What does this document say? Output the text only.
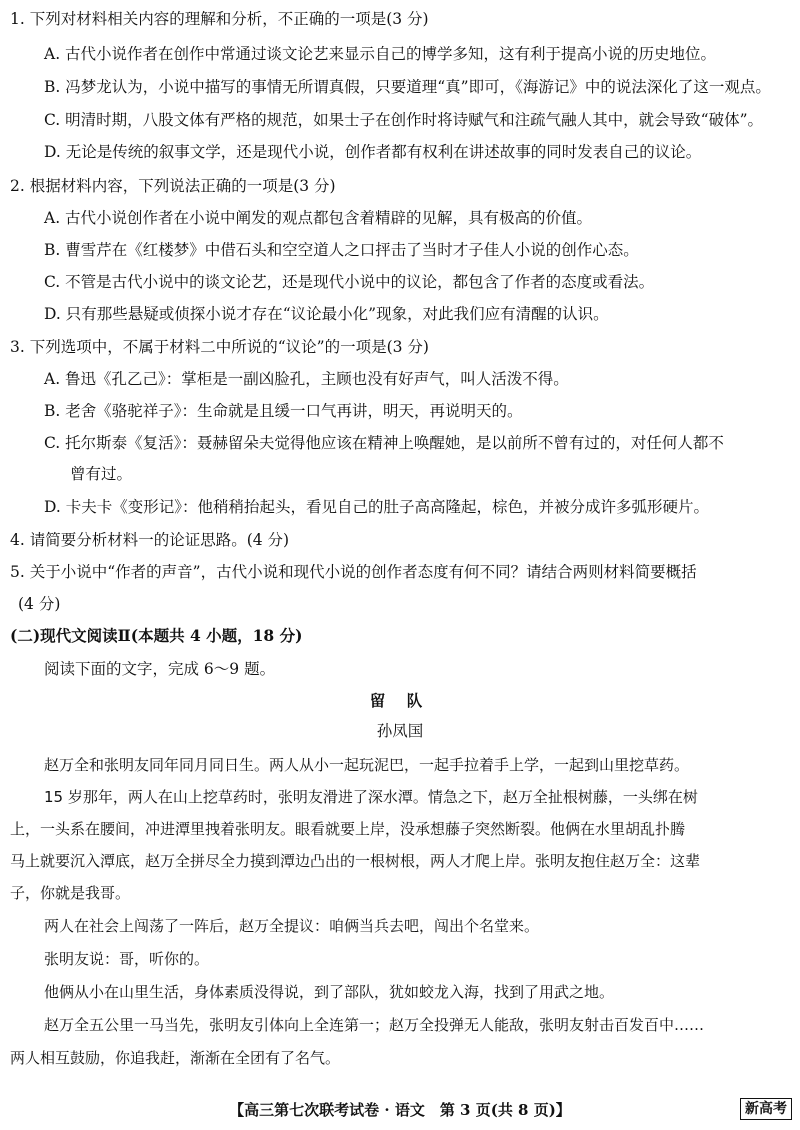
1. 下列对材料相关内容的理解和分析，不正确的一项是(3 分)
A. 古代小说作者在创作中常通过谈文论艺来显示自己的博学多知，这有利于提高小说的历史地位。
B. 冯梦龙认为，小说中描写的事情无所谓真假，只要道理“真”即可，《海游记》中的说法深化了这一观点。
C. 明清时期，八股文体有严格的规范，如果士子在创作时将诗赋气和注疏气融人其中，就会导致“破体”。
D. 无论是传统的叙事文学，还是现代小说，创作者都有权利在讲述故事的同时发表自己的议论。
2. 根据材料内容，下列说法正确的一项是(3 分)
A. 古代小说创作者在小说中阐发的观点都包含着精辟的见解，具有极高的价值。
B. 曹雪芹在《红楼梦》中借石头和空空道人之口抨击了当时才子佳人小说的创作心态。
C. 不管是古代小说中的谈文论艺，还是现代小说中的议论，都包含了作者的态度或看法。
D. 只有那些悬疑或侦探小说才存在“议论最小化”现象，对此我们应有清醒的认识。
3. 下列选项中，不属于材料二中所说的“议论”的一项是(3 分)
A. 鲁迅《孔乙己》：掌柜是一副凶脸孔，主顾也没有好声气，叫人活泼不得。
B. 老舍《骆驼祥子》：生命就是且缓一口气再讲，明天，再说明天的。
C. 托尔斯泰《复活》：聂赫留朵夫觉得他应该在精神上唤醒她，是以前所不曾有过的，对任何人都不
曾有过。
D. 卡夫卡《变形记》：他稍稍抬起头，看见自己的肚子高高隆起，棕色，并被分成许多弧形硬片。
4. 请简要分析材料一的论证思路。(4 分)
5. 关于小说中“作者的声音”，古代小说和现代小说的创作者态度有何不同？请结合两则材料简要概括
(4 分)
(二)现代文阅读Ⅱ(本题共 4 小题，18 分)
阅读下面的文字，完成 6～9 题。
留 队
孙凤国
赵万全和张明友同年同月同日生。两人从小一起玩泥巴，一起手拉着手上学，一起到山里挖草药。
15 岁那年，两人在山上挖草药时，张明友滑进了深水潭。情急之下，赵万全扯根树藤，一头绑在树
上，一头系在腰间，冲进潭里拽着张明友。眼看就要上岸，没承想藤子突然断裂。他俩在水里胡乱扑腾
马上就要沉入潭底，赵万全拼尽全力摸到潭边凸出的一根树根，两人才爬上岸。张明友抱住赵万全：这辈
子，你就是我哥。
两人在社会上闯荡了一阵后，赵万全提议：咱俩当兵去吧，闯出个名堂来。
张明友说：哥，听你的。
他俩从小在山里生活，身体素质没得说，到了部队，犹如蛟龙入海，找到了用武之地。
赵万全五公里一马当先，张明友引体向上全连第一；赵万全投弹无人能敌，张明友射击百发百中……
两人相互鼓励，你追我赶，渐渐在全团有了名气。
【高三第七次联考试卷 · 语文　第 3 页(共 8 页)】	新高考
